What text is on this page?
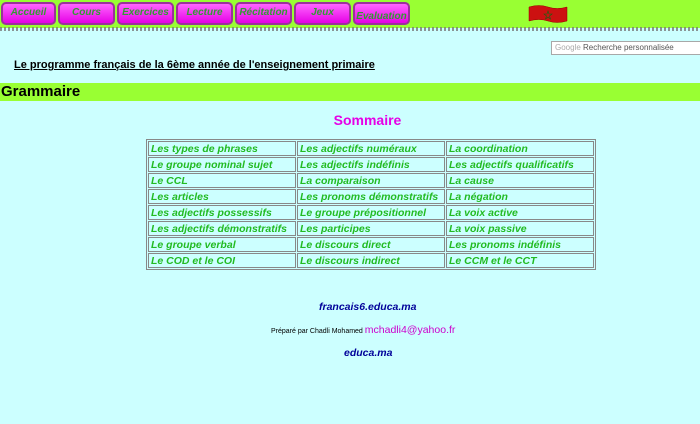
Accueil	Cours	Exercices	Lecture	Récitation	Jeux	Evaluation
Google Recherche personnalisée
Le programme français de la 6ème année de l'enseignement primaire
Grammaire
Sommaire
Les types de phrases	Les adjectifs numéraux	La coordination
Le groupe nominal sujet	Les adjectifs indéfinis	Les adjectifs qualificatifs
Le CCL	La comparaison	La cause
Les articles	Les pronoms démonstratifs	La négation
Les adjectifs possessifs	Le groupe prépositionnel	La voix active
Les adjectifs démonstratifs	Les participes	La voix passive
Le groupe verbal	Le discours direct	Les pronoms indéfinis
Le COD et le COI	Le discours indirect	Le CCM et le CCT
francais6.educa.ma
Préparé par Chadli Mohamed mchadli4@yahoo.fr
educa.ma
